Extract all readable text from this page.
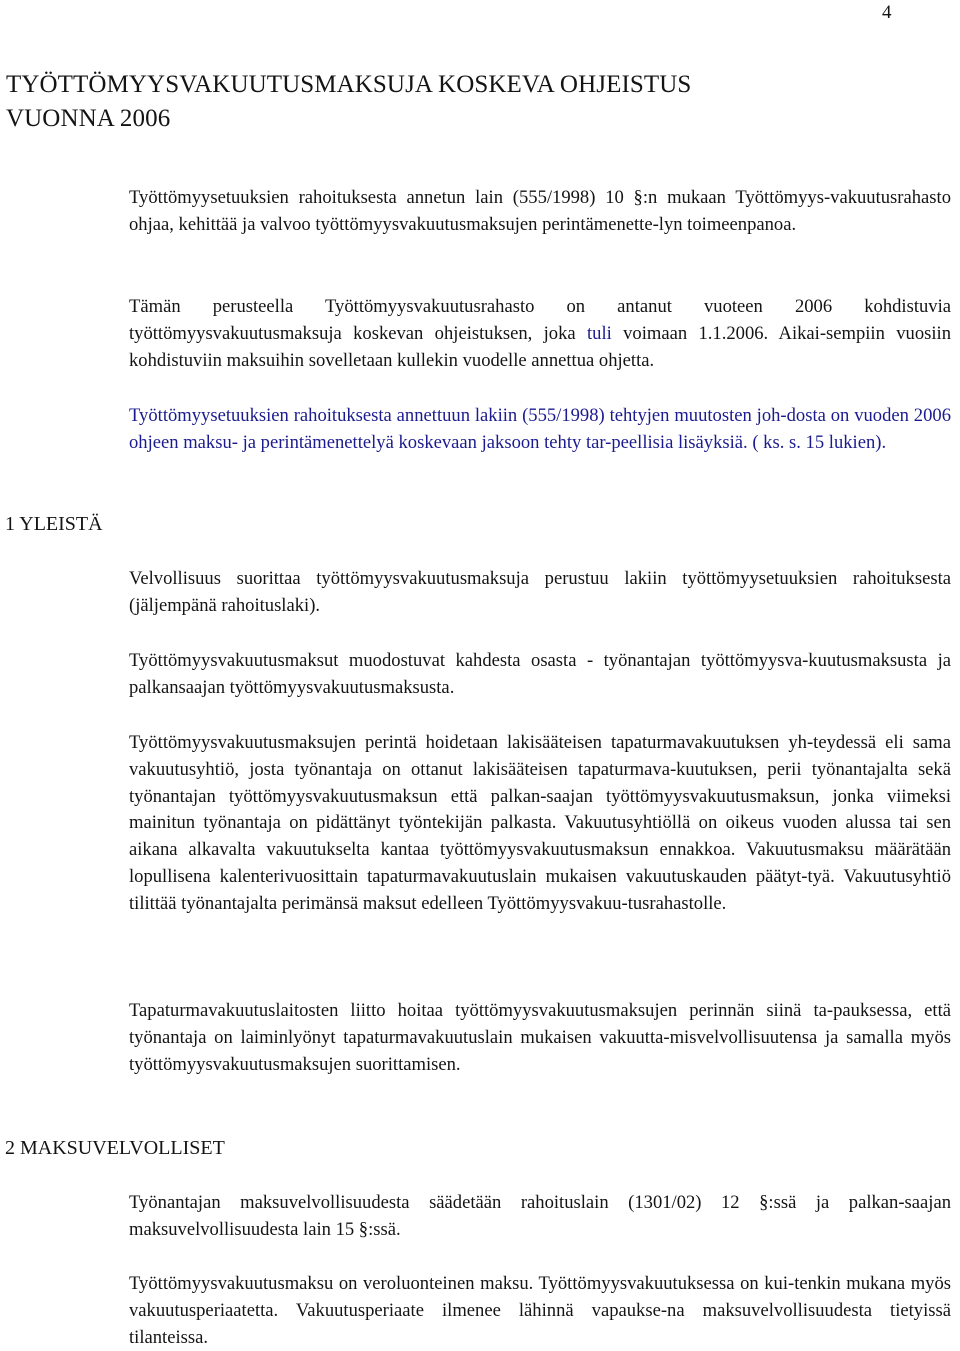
4
TYÖTTÖMYYSVAKUUTUSMAKSUJA KOSKEVA OHJEISTUS
VUONNA 2006

Työttömyysetuuksien rahoituksesta annetun lain (555/1998) 10 §:n mukaan Työttömyys-vakuutusrahasto ohjaa, kehittää ja valvoo työttömyysvakuutusmaksujen perintämenette-lyn toimeenpanoa.

Tämän perusteella Työttömyysvakuutusrahasto on antanut vuoteen 2006 kohdistuvia työttömyysvakuutusmaksuja koskevan ohjeistuksen, joka tuli voimaan 1.1.2006. Aikai-sempiin vuosiin kohdistuviin maksuihin sovelletaan kullekin vuodelle annettua ohjetta.

Työttömyysetuuksien rahoituksesta annettuun lakiin (555/1998) tehtyjen muutosten joh-dosta on vuoden 2006 ohjeen maksu- ja perintämenettelyä koskevaan jaksoon tehty tar-peellisia lisäyksiä. ( ks. s. 15 lukien).

1 YLEISTÄ

Velvollisuus suorittaa työttömyysvakuutusmaksuja perustuu lakiin työttömyysetuuksien rahoituksesta (jäljempänä rahoituslaki).

Työttömyysvakuutusmaksut muodostuvat kahdesta osasta - työnantajan työttömyysva-kuutusmaksusta ja palkansaajan työttömyysvakuutusmaksusta.

Työttömyysvakuutusmaksujen perintä hoidetaan lakisääteisen tapaturmavakuutuksen yh-teydessä eli sama vakuutusyhtiö, josta työnantaja on ottanut lakisääteisen tapaturmava-kuutuksen, perii työnantajalta sekä työnantajan työttömyysvakuutusmaksun että palkan-saajan työttömyysvakuutusmaksun, jonka viimeksi mainitun työnantaja on pidättänyt työntekijän palkasta. Vakuutusyhtiöllä on oikeus vuoden alussa tai sen aikana alkavalta vakuutukselta kantaa työttömyysvakuutusmaksun ennakkoa. Vakuutusmaksu määrätään lopullisena kalenterivuosittain tapaturmavakuutuslain mukaisen vakuutuskauden päätyt-tyä. Vakuutusyhtiö tilittää työnantajalta perimänsä maksut edelleen Työttömyysvakuu-tusrahastolle.

Tapaturmavakuutuslaitosten liitto hoitaa työttömyysvakuutusmaksujen perinnän siinä ta-pauksessa, että työnantaja on laiminlyönyt tapaturmavakuutuslain mukaisen vakuutta-misvelvollisuutensa ja samalla myös työttömyysvakuutusmaksujen suorittamisen.

2 MAKSUVELVOLLISET

Työnantajan maksuvelvollisuudesta säädetään rahoituslain (1301/02) 12 §:ssä ja palkan-saajan maksuvelvollisuudesta lain 15 §:ssä.

Työttömyysvakuutusmaksu on veroluonteinen maksu. Työttömyysvakuutuksessa on kui-tenkin mukana myös vakuutusperiaatetta. Vakuutusperiaate ilmenee lähinnä vapaukse-na maksuvelvollisuudesta tietyissä tilanteissa.
